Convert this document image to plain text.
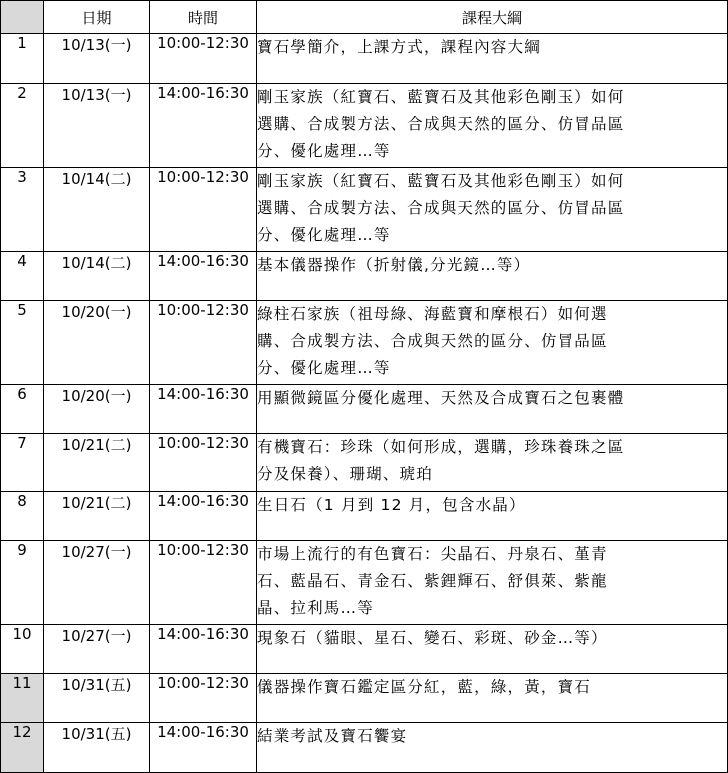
	日期	時間	課程大綱
1	10/13(一)	10:00-12:30	寶石學簡介，上課方式，課程內容大綱

2	10/13(一)	14:00-16:30	剛玉家族（紅寶石、藍寶石及其他彩色剛玉）如何
選購、合成製方法、合成與天然的區分、仿冒品區
分、優化處理…等

3	10/14(二)	10:00-12:30	剛玉家族（紅寶石、藍寶石及其他彩色剛玉）如何
選購、合成製方法、合成與天然的區分、仿冒品區
分、優化處理…等

4	10/14(二)	14:00-16:30	基本儀器操作（折射儀,分光鏡…等）

5	10/20(一)	10:00-12:30	綠柱石家族（祖母綠、海藍寶和摩根石）如何選
購、合成製方法、合成與天然的區分、仿冒品區
分、優化處理…等

6	10/20(一)	14:00-16:30	用顯微鏡區分優化處理、天然及合成寶石之包裹體

7	10/21(二)	10:00-12:30	有機寶石：珍珠（如何形成，選購，珍珠養珠之區
分及保養）、珊瑚、琥珀

8	10/21(二)	14:00-16:30	生日石（1 月到 12 月，包含水晶）

9	10/27(一)	10:00-12:30	市場上流行的有色寶石：尖晶石、丹泉石、堇青
石、藍晶石、青金石、紫鋰輝石、舒俱萊、紫龍
晶、拉利馬…等

10	10/27(一)	14:00-16:30	現象石（貓眼、星石、變石、彩斑、砂金…等）

11	10/31(五)	10:00-12:30	儀器操作寶石鑑定區分紅，藍，綠，黃，寶石

12	10/31(五)	14:00-16:30	結業考試及寶石饗宴
